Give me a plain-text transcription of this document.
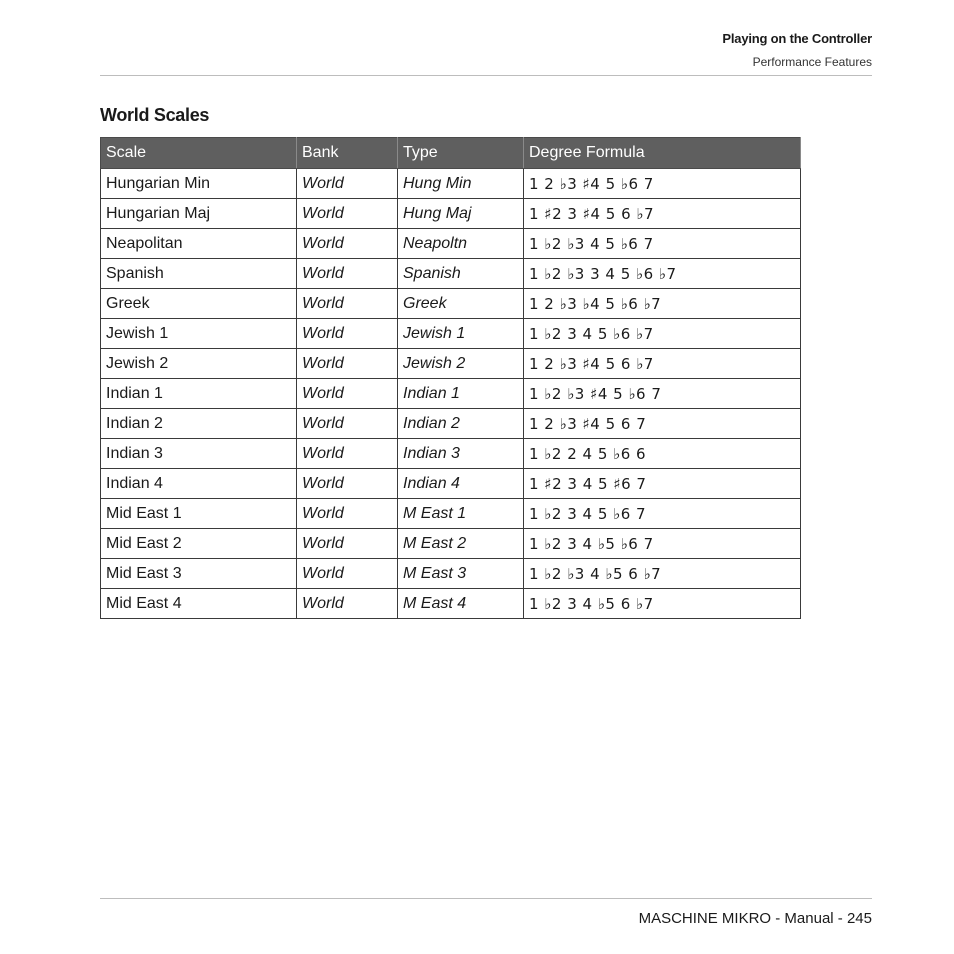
Playing on the Controller
Performance Features
World Scales
Scale	Bank	Type	Degree Formula
Hungarian Min	World	Hung Min	1 2 ♭3 ♯4 5 ♭6 7
Hungarian Maj	World	Hung Maj	1 ♯2 3 ♯4 5 6 ♭7
Neapolitan	World	Neapoltn	1 ♭2 ♭3 4 5 ♭6 7
Spanish	World	Spanish	1 ♭2 ♭3 3 4 5 ♭6 ♭7
Greek	World	Greek	1 2 ♭3 ♭4 5 ♭6 ♭7
Jewish 1	World	Jewish 1	1 ♭2 3 4 5 ♭6 ♭7
Jewish 2	World	Jewish 2	1 2 ♭3 ♯4 5 6 ♭7
Indian 1	World	Indian 1	1 ♭2 ♭3 ♯4 5 ♭6 7
Indian 2	World	Indian 2	1 2 ♭3 ♯4 5 6 7
Indian 3	World	Indian 3	1 ♭2 2 4 5 ♭6 6
Indian 4	World	Indian 4	1 ♯2 3 4 5 ♯6 7
Mid East 1	World	M East 1	1 ♭2 3 4 5 ♭6 7
Mid East 2	World	M East 2	1 ♭2 3 4 ♭5 ♭6 7
Mid East 3	World	M East 3	1 ♭2 ♭3 4 ♭5 6 ♭7
Mid East 4	World	M East 4	1 ♭2 3 4 ♭5 6 ♭7
MASCHINE MIKRO - Manual - 245
